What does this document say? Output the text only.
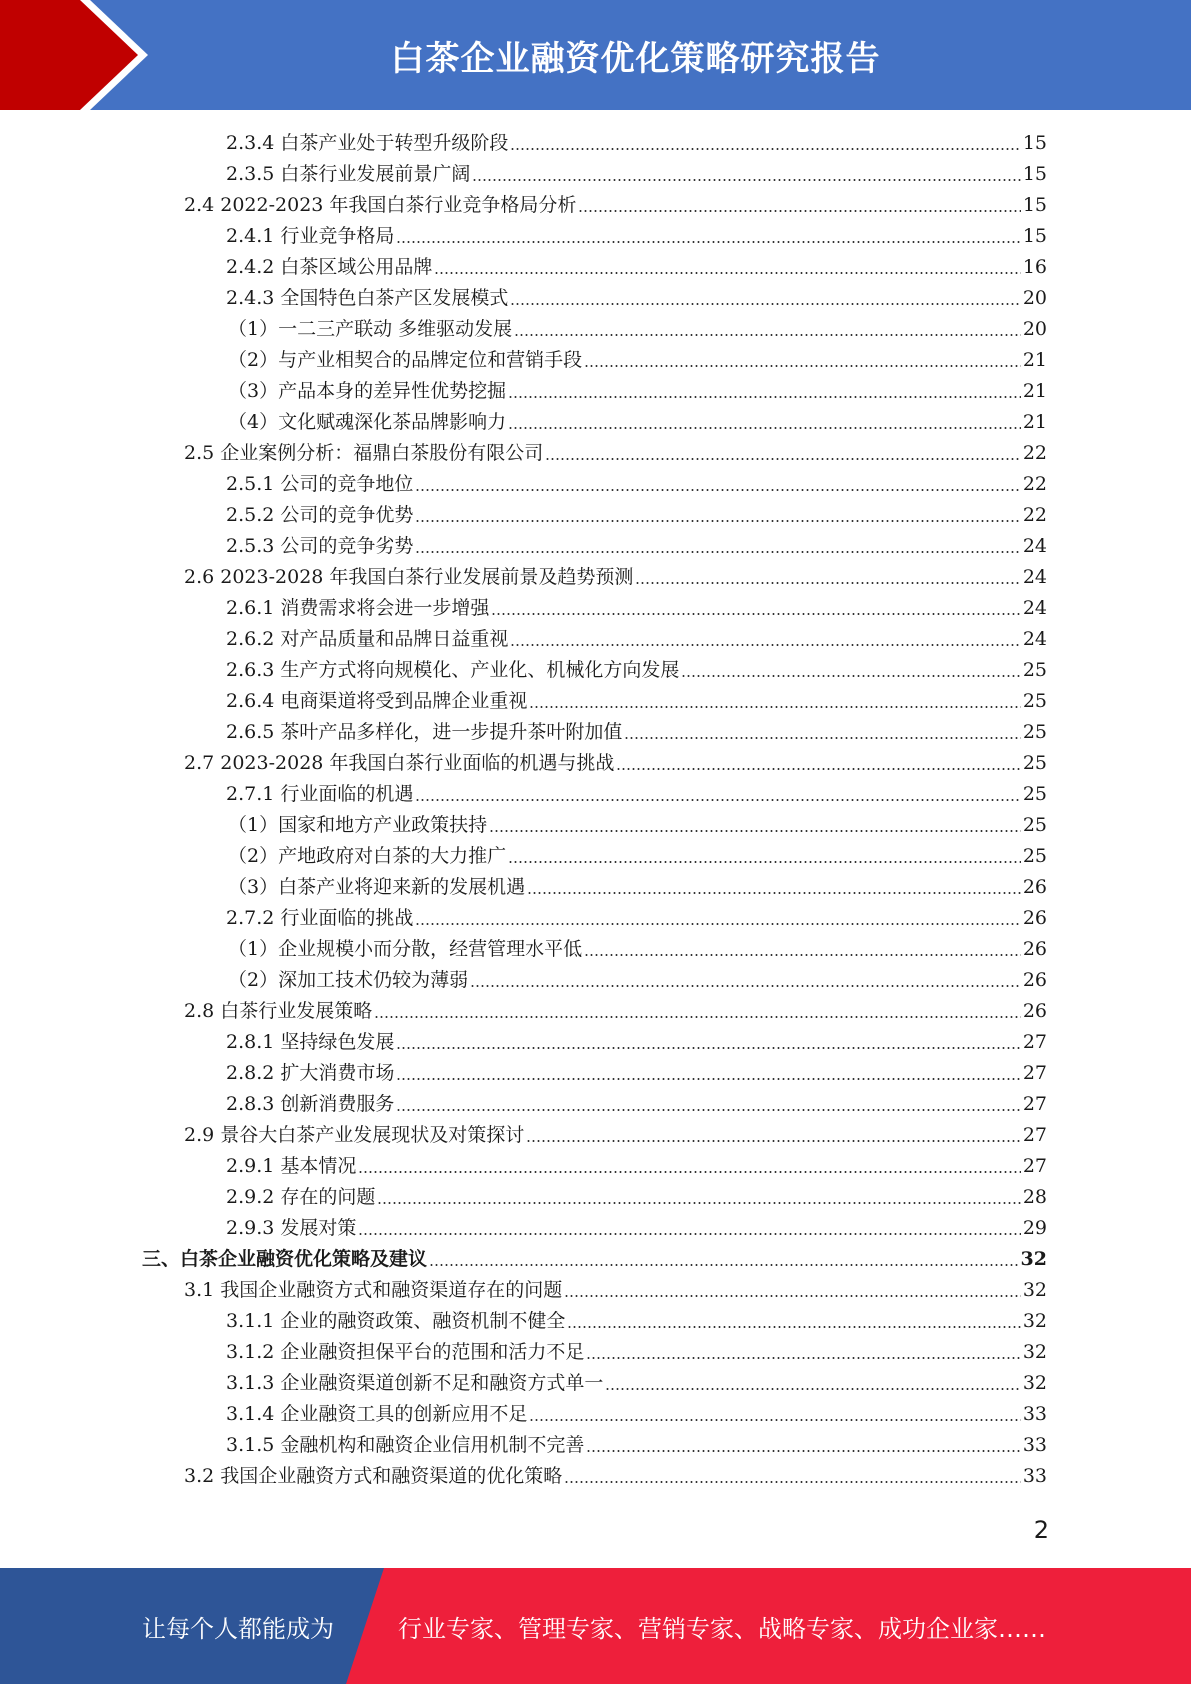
白茶企业融资优化策略研究报告
2.3.4 白茶产业处于转型升级阶段	15
2.3.5 白茶行业发展前景广阔	15
2.4 2022-2023 年我国白茶行业竞争格局分析	15
2.4.1 行业竞争格局	15
2.4.2 白茶区域公用品牌	16
2.4.3 全国特色白茶产区发展模式	20
（1）一二三产联动 多维驱动发展	20
（2）与产业相契合的品牌定位和营销手段	21
（3）产品本身的差异性优势挖掘	21
（4）文化赋魂深化茶品牌影响力	21
2.5 企业案例分析：福鼎白茶股份有限公司	22
2.5.1 公司的竞争地位	22
2.5.2 公司的竞争优势	22
2.5.3 公司的竞争劣势	24
2.6 2023-2028 年我国白茶行业发展前景及趋势预测	24
2.6.1 消费需求将会进一步增强	24
2.6.2 对产品质量和品牌日益重视	24
2.6.3 生产方式将向规模化、产业化、机械化方向发展	25
2.6.4 电商渠道将受到品牌企业重视	25
2.6.5 茶叶产品多样化，进一步提升茶叶附加值	25
2.7 2023-2028 年我国白茶行业面临的机遇与挑战	25
2.7.1 行业面临的机遇	25
（1）国家和地方产业政策扶持	25
（2）产地政府对白茶的大力推广	25
（3）白茶产业将迎来新的发展机遇	26
2.7.2 行业面临的挑战	26
（1）企业规模小而分散，经营管理水平低	26
（2）深加工技术仍较为薄弱	26
2.8 白茶行业发展策略	26
2.8.1 坚持绿色发展	27
2.8.2 扩大消费市场	27
2.8.3 创新消费服务	27
2.9 景谷大白茶产业发展现状及对策探讨	27
2.9.1 基本情况	27
2.9.2 存在的问题	28
2.9.3 发展对策	29
三、白茶企业融资优化策略及建议	32
3.1 我国企业融资方式和融资渠道存在的问题	32
3.1.1 企业的融资政策、融资机制不健全	32
3.1.2 企业融资担保平台的范围和活力不足	32
3.1.3 企业融资渠道创新不足和融资方式单一	32
3.1.4 企业融资工具的创新应用不足	33
3.1.5 金融机构和融资企业信用机制不完善	33
3.2 我国企业融资方式和融资渠道的优化策略	33
2
让每个人都能成为	行业专家、管理专家、营销专家、战略专家、成功企业家……
